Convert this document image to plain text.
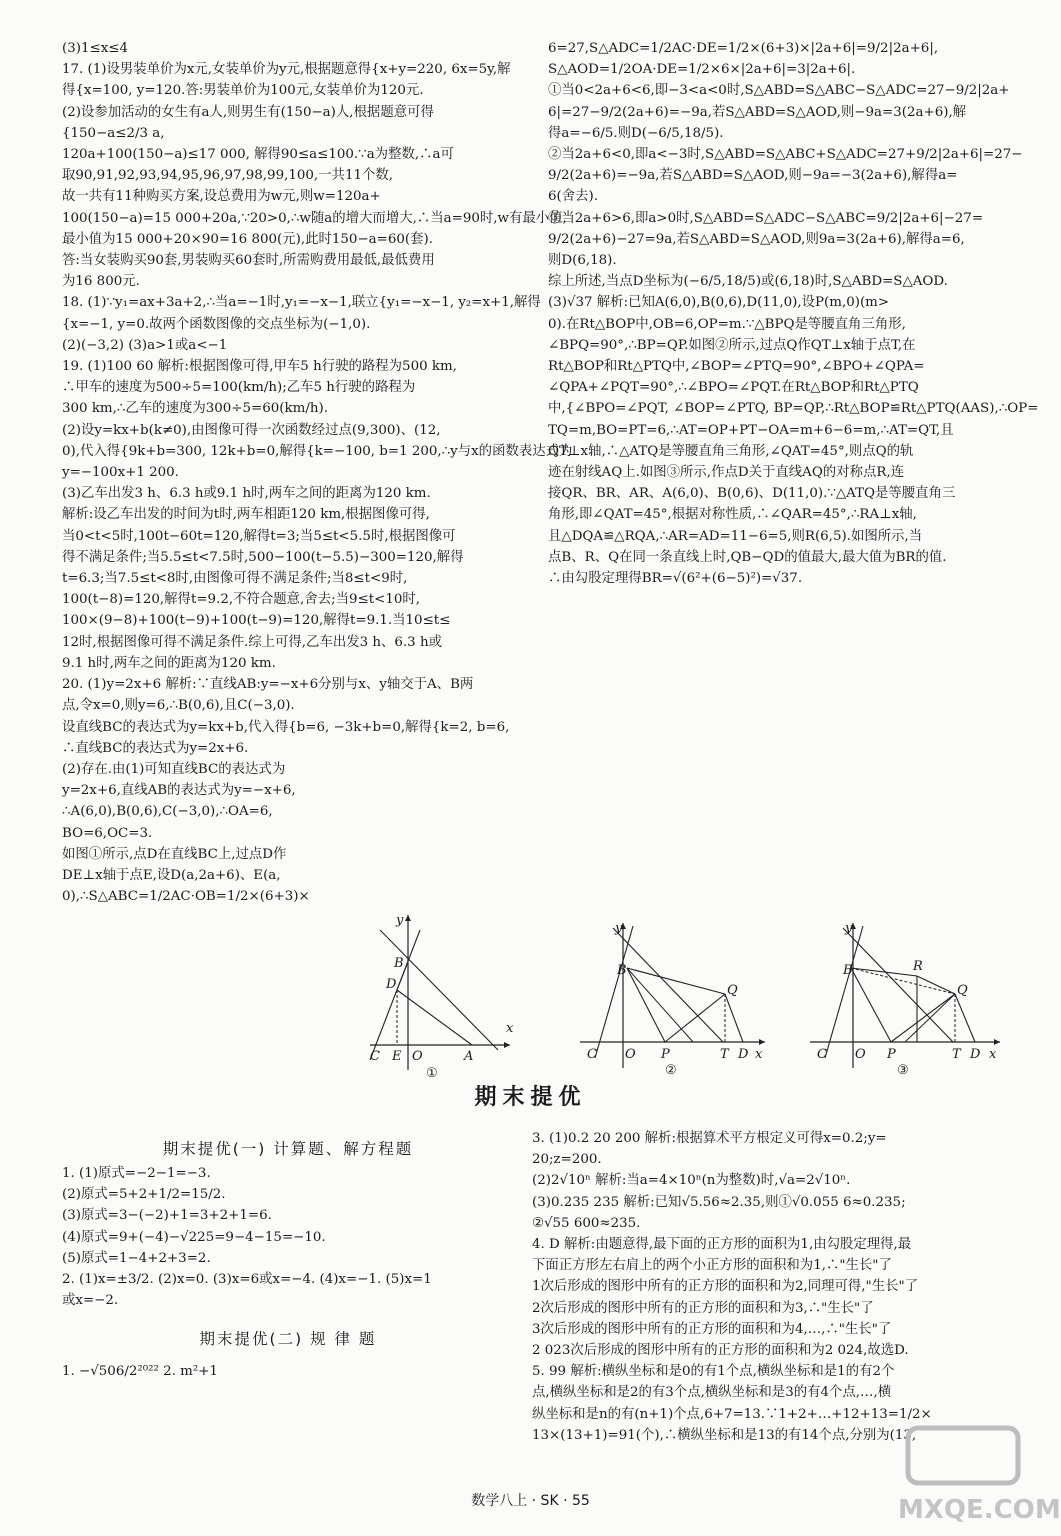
(3)1≤x≤4
17. (1)设男装单价为x元,女装单价为y元,根据题意得{x+y=220, 6x=5y,解
得{x=100, y=120.答:男装单价为100元,女装单价为120元.
(2)设参加活动的女生有a人,则男生有(150−a)人,根据题意可得
{150−a≤2/3 a,
120a+100(150−a)≤17 000, 解得90≤a≤100.∵a为整数,∴a可
取90,91,92,93,94,95,96,97,98,99,100,一共11个数,
故一共有11种购买方案,设总费用为w元,则w=120a+
100(150−a)=15 000+20a,∵20>0,∴w随a的增大而增大,∴当a=90时,w有最小值,
最小值为15 000+20×90=16 800(元),此时150−a=60(套).
答:当女装购买90套,男装购买60套时,所需购费用最低,最低费用
为16 800元.
18. (1)∵y₁=ax+3a+2,∴当a=−1时,y₁=−x−1,联立{y₁=−x−1, y₂=x+1,解得
{x=−1, y=0.故两个函数图像的交点坐标为(−1,0).
(2)(−3,2) (3)a>1或a<−1
19. (1)100 60 解析:根据图像可得,甲车5 h行驶的路程为500 km,
∴甲车的速度为500÷5=100(km/h);乙车5 h行驶的路程为
300 km,∴乙车的速度为300÷5=60(km/h).
(2)设y=kx+b(k≠0),由图像可得一次函数经过点(9,300)、(12,
0),代入得{9k+b=300, 12k+b=0,解得{k=−100, b=1 200,∴y与x的函数表达式为
y=−100x+1 200.
(3)乙车出发3 h、6.3 h或9.1 h时,两车之间的距离为120 km.
解析:设乙车出发的时间为t时,两车相距120 km,根据图像可得,
当0<t<5时,100t−60t=120,解得t=3;当5≤t<5.5时,根据图像可
得不满足条件;当5.5≤t<7.5时,500−100(t−5.5)−300=120,解得
t=6.3;当7.5≤t<8时,由图像可得不满足条件;当8≤t<9时,
100(t−8)=120,解得t=9.2,不符合题意,舍去;当9≤t<10时,
100×(9−8)+100(t−9)+100(t−9)=120,解得t=9.1.当10≤t≤
12时,根据图像可得不满足条件.综上可得,乙车出发3 h、6.3 h或
9.1 h时,两车之间的距离为120 km.
20. (1)y=2x+6 解析:∵直线AB:y=−x+6分别与x、y轴交于A、B两
点,令x=0,则y=6,∴B(0,6),且C(−3,0).
设直线BC的表达式为y=kx+b,代入得{b=6, −3k+b=0,解得{k=2, b=6,
∴直线BC的表达式为y=2x+6.
(2)存在.由(1)可知直线BC的表达式为
y=2x+6,直线AB的表达式为y=−x+6,
∴A(6,0),B(0,6),C(−3,0),∴OA=6,
BO=6,OC=3.
如图①所示,点D在直线BC上,过点D作
DE⊥x轴于点E,设D(a,2a+6)、E(a,
0),∴S△ABC=1/2AC·OB=1/2×(6+3)×
6=27,S△ADC=1/2AC·DE=1/2×(6+3)×|2a+6|=9/2|2a+6|,
S△AOD=1/2OA·DE=1/2×6×|2a+6|=3|2a+6|.
①当0<2a+6<6,即−3<a<0时,S△ABD=S△ABC−S△ADC=27−9/2|2a+
6|=27−9/2(2a+6)=−9a,若S△ABD=S△AOD,则−9a=3(2a+6),解
得a=−6/5.则D(−6/5,18/5).
②当2a+6<0,即a<−3时,S△ABD=S△ABC+S△ADC=27+9/2|2a+6|=27−
9/2(2a+6)=−9a,若S△ABD=S△AOD,则−9a=−3(2a+6),解得a=
6(舍去).
③当2a+6>6,即a>0时,S△ABD=S△ADC−S△ABC=9/2|2a+6|−27=
9/2(2a+6)−27=9a,若S△ABD=S△AOD,则9a=3(2a+6),解得a=6,
则D(6,18).
综上所述,当点D坐标为(−6/5,18/5)或(6,18)时,S△ABD=S△AOD.
(3)√37 解析:已知A(6,0),B(0,6),D(11,0),设P(m,0)(m>
0).在Rt△BOP中,OB=6,OP=m.∵△BPQ是等腰直角三角形,
∠BPQ=90°,∴BP=QP.如图②所示,过点Q作QT⊥x轴于点T,在
Rt△BOP和Rt△PTQ中,∠BOP=∠PTQ=90°,∠BPO+∠QPA=
∠QPA+∠PQT=90°,∴∠BPO=∠PQT.在Rt△BOP和Rt△PTQ
中,{∠BPO=∠PQT, ∠BOP=∠PTQ, BP=QP,∴Rt△BOP≌Rt△PTQ(AAS),∴OP=
TQ=m,BO=PT=6,∴AT=OP+PT−OA=m+6−6=m,∴AT=QT,且
QT⊥x轴,∴△ATQ是等腰直角三角形,∠QAT=45°,则点Q的轨
迹在射线AQ上.如图③所示,作点D关于直线AQ的对称点R,连
接QR、BR、AR、A(6,0)、B(0,6)、D(11,0).∵△ATQ是等腰直角三
角形,即∠QAT=45°,根据对称性质,∴∠QAR=45°,∴RA⊥x轴,
且△DQA≌△RQA,∴AR=AD=11−6=5,则R(6,5).如图所示,当
点B、R、Q在同一条直线上时,QB−QD的值最大,最大值为BR的值.
∴由勾股定理得BR=√(6²+(6−5)²)=√37.
y
x
B
D
C E O	A
①
y
x
B
Q
C O P	T D
②
y
x
B	R
Q
C O P	T D
③
期末提优
期末提优(一) 计算题、解方程题
1. (1)原式=−2−1=−3.
(2)原式=5+2+1/2=15/2.
(3)原式=3−(−2)+1=3+2+1=6.
(4)原式=9+(−4)−√225=9−4−15=−10.
(5)原式=1−4+2+3=2.
2. (1)x=±3/2. (2)x=0. (3)x=6或x=−4. (4)x=−1. (5)x=1
或x=−2.
期末提优(二) 规 律 题
1. −√506/2²⁰²² 2. m²+1
3. (1)0.2 20 200 解析:根据算术平方根定义可得x=0.2;y=
20;z=200.
(2)2√10ⁿ 解析:当a=4×10ⁿ(n为整数)时,√a=2√10ⁿ.
(3)0.235 235 解析:已知√5.56≈2.35,则①√0.055 6≈0.235;
②√55 600≈235.
4. D 解析:由题意得,最下面的正方形的面积为1,由勾股定理得,最
下面正方形左右肩上的两个小正方形的面积和为1,∴"生长"了
1次后形成的图形中所有的正方形的面积和为2,同理可得,"生长"了
2次后形成的图形中所有的正方形的面积和为3,∴"生长"了
3次后形成的图形中所有的正方形的面积和为4,…,∴"生长"了
2 023次后形成的图形中所有的正方形的面积和为2 024,故选D.
5. 99 解析:横纵坐标和是0的有1个点,横纵坐标和是1的有2个
点,横纵坐标和是2的有3个点,横纵坐标和是3的有4个点,…,横
纵坐标和是n的有(n+1)个点,6+7=13.∵1+2+…+12+13=1/2×
13×(13+1)=91(个),∴横纵坐标和是13的有14个点,分别为(13,
数学八上 · SK · 55	MXQE.COM
